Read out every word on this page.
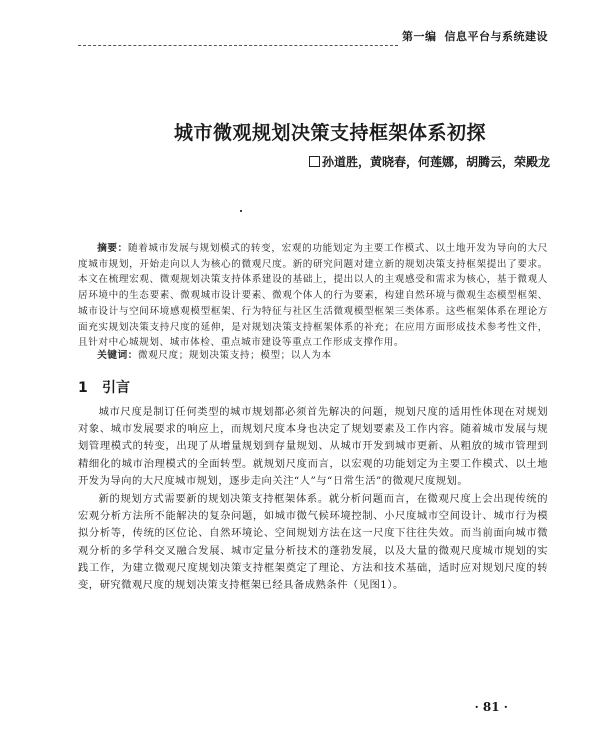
第一编 信息平台与系统建设
城市微观规划决策支持框架体系初探
孙道胜，黄晓春，何莲娜，胡腾云，荣殿龙
摘要：随着城市发展与规划模式的转变，宏观的功能划定为主要工作模式、以土地开发为导向的大尺度城市规划，开始走向以人为核心的微观尺度。新的研究问题对建立新的规划决策支持框架提出了要求。本文在梳理宏观、微观规划决策支持体系建设的基础上，提出以人的主观感受和需求为核心，基于微观人居环境中的生态要素、微观城市设计要素、微观个体人的行为要素，构建自然环境与微观生态模型框架、城市设计与空间环境感观模型框架、行为特征与社区生活微观模型框架三类体系。这些框架体系在理论方面充实规划决策支持尺度的延伸，是对规划决策支持框架体系的补充；在应用方面形成技术参考性文件，且针对中心城规划、城市体检、重点城市建设等重点工作形成支撑作用。
关键词：微观尺度；规划决策支持；模型；以人为本
1 引言

城市尺度是制订任何类型的城市规划都必须首先解决的问题，规划尺度的适用性体现在对规划对象、城市发展要求的响应上，而规划尺度本身也决定了规划要素及工作内容。随着城市发展与规划管理模式的转变，出现了从增量规划到存量规划、从城市开发到城市更新、从粗放的城市管理到精细化的城市治理模式的全面转型。就规划尺度而言，以宏观的功能划定为主要工作模式、以土地开发为导向的大尺度城市规划，逐步走向关注“人”与“日常生活”的微观尺度规划。

新的规划方式需要新的规划决策支持框架体系。就分析问题而言，在微观尺度上会出现传统的宏观分析方法所不能解决的复杂问题，如城市微气候环境控制、小尺度城市空间设计、城市行为模拟分析等，传统的区位论、自然环境论、空间规划方法在这一尺度下往往失效。而当前面向城市微观分析的多学科交叉融合发展、城市定量分析技术的蓬勃发展，以及大量的微观尺度城市规划的实践工作，为建立微观尺度规划决策支持框架奠定了理论、方法和技术基础，适时应对规划尺度的转变，研究微观尺度的规划决策支持框架已经具备成熟条件（见图1）。

· 81 ·
